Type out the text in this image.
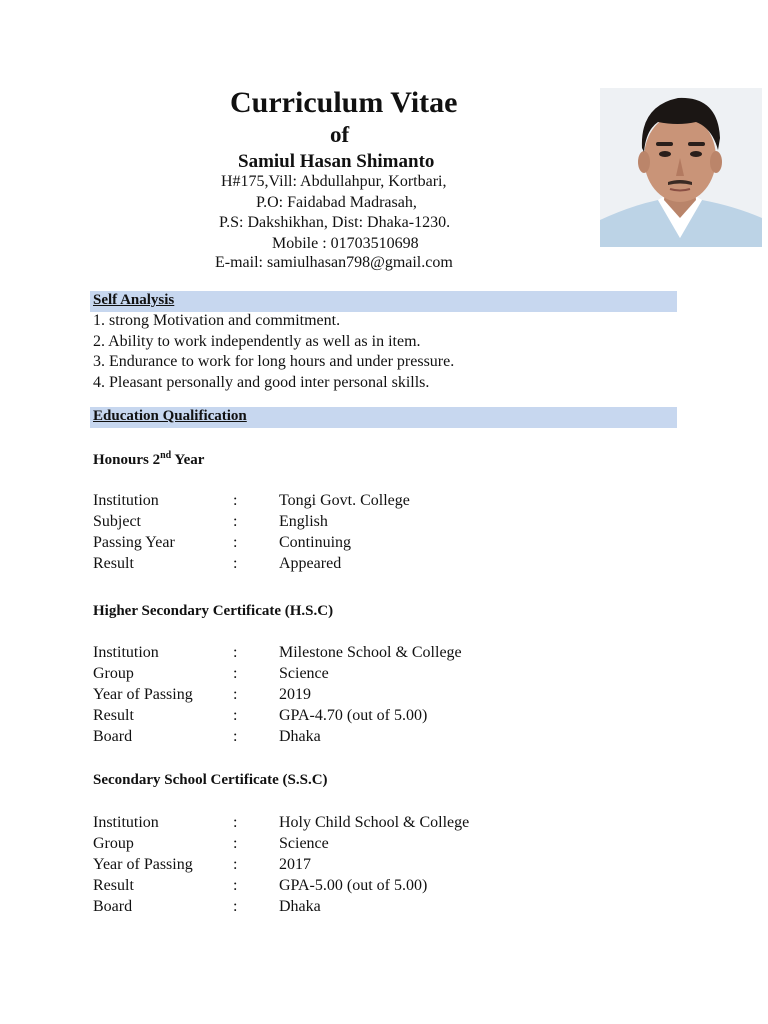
Curriculum Vitae
of
Samiul Hasan Shimanto
H#175,Vill: Abdullahpur, Kortbari,
P.O: Faidabad Madrasah,
P.S: Dakshikhan, Dist: Dhaka-1230.
Mobile : 01703510698
E-mail: samiulhasan798@gmail.com
Self Analysis
1. strong Motivation and commitment.
2. Ability to work independently as well as in item.
3. Endurance to work for long hours and under pressure.
4. Pleasant personally and good inter personal skills.
Education Qualification
Honours 2nd Year
Institution	:	Tongi Govt. College
Subject	:	English
Passing Year	:	Continuing
Result	:	Appeared
Higher Secondary Certificate (H.S.C)
Institution	:	Milestone School & College
Group	:	Science
Year of Passing	:	2019
Result	:	GPA-4.70 (out of 5.00)
Board	:	Dhaka
Secondary School Certificate (S.S.C)
Institution	:	Holy Child School & College
Group	:	Science
Year of Passing	:	2017
Result	:	GPA-5.00 (out of 5.00)
Board	:	Dhaka
